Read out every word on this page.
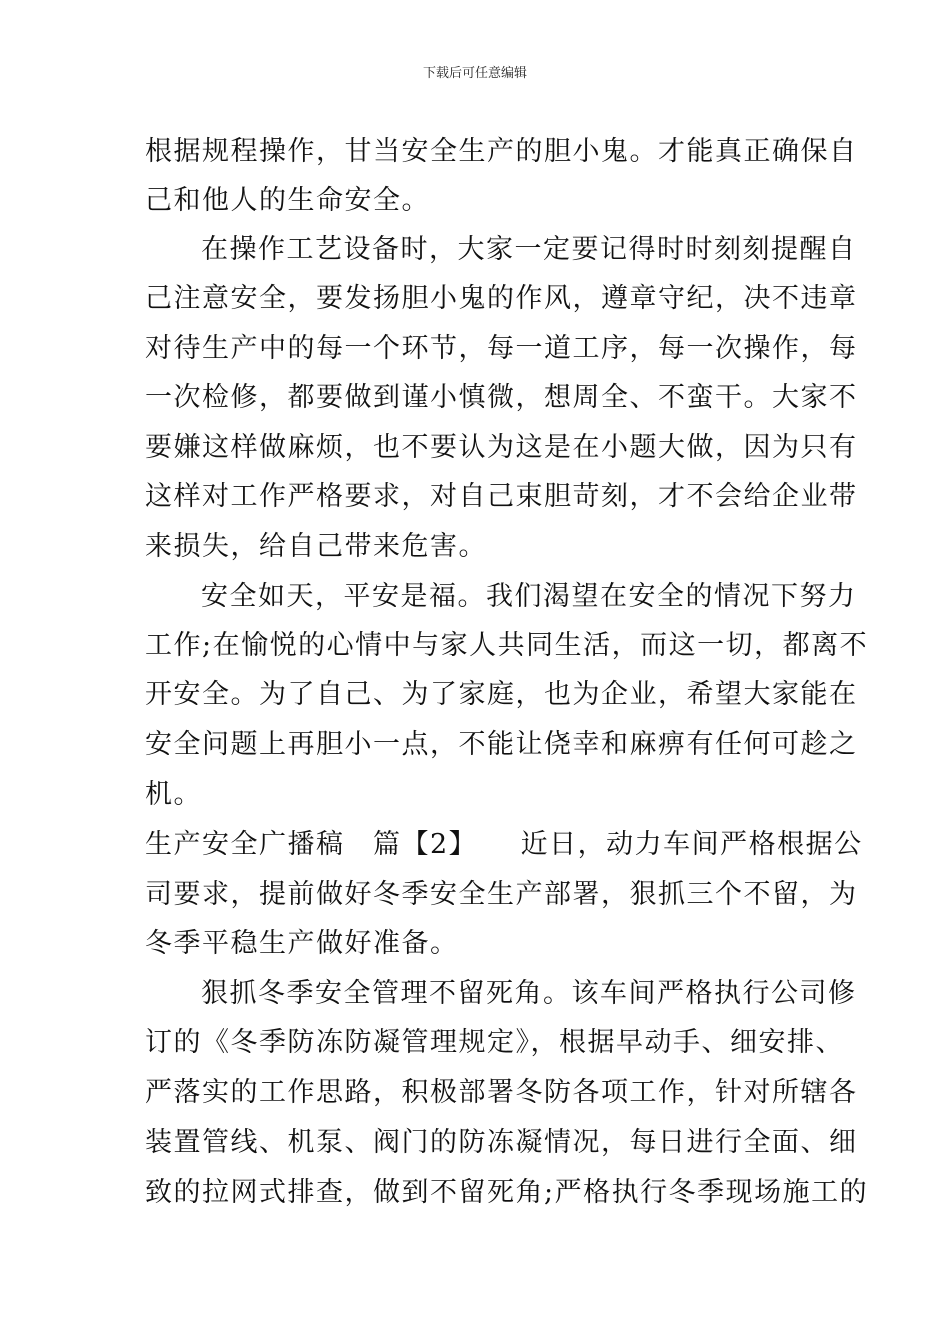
下载后可任意编辑
根据规程操作，甘当安全生产的胆小鬼。才能真正确保自
己和他人的生命安全。
在操作工艺设备时，大家一定要记得时时刻刻提醒自
己注意安全，要发扬胆小鬼的作风，遵章守纪，决不违章
对待生产中的每一个环节，每一道工序，每一次操作，每
一次检修，都要做到谨小慎微，想周全、不蛮干。大家不
要嫌这样做麻烦，也不要认为这是在小题大做，因为只有
这样对工作严格要求，对自己束胆苛刻，才不会给企业带
来损失，给自己带来危害。
安全如天，平安是福。我们渴望在安全的情况下努力
工作;在愉悦的心情中与家人共同生活，而这一切，都离不
开安全。为了自己、为了家庭，也为企业，希望大家能在
安全问题上再胆小一点，不能让侥幸和麻痹有任何可趁之
机。
生产安全广播稿　篇【2】　　近日，动力车间严格根据公
司要求，提前做好冬季安全生产部署，狠抓三个不留，为
冬季平稳生产做好准备。
狠抓冬季安全管理不留死角。该车间严格执行公司修
订的《冬季防冻防凝管理规定》，根据早动手、细安排、
严落实的工作思路，积极部署冬防各项工作，针对所辖各
装置管线、机泵、阀门的防冻凝情况，每日进行全面、细
致的拉网式排查，做到不留死角;严格执行冬季现场施工的
